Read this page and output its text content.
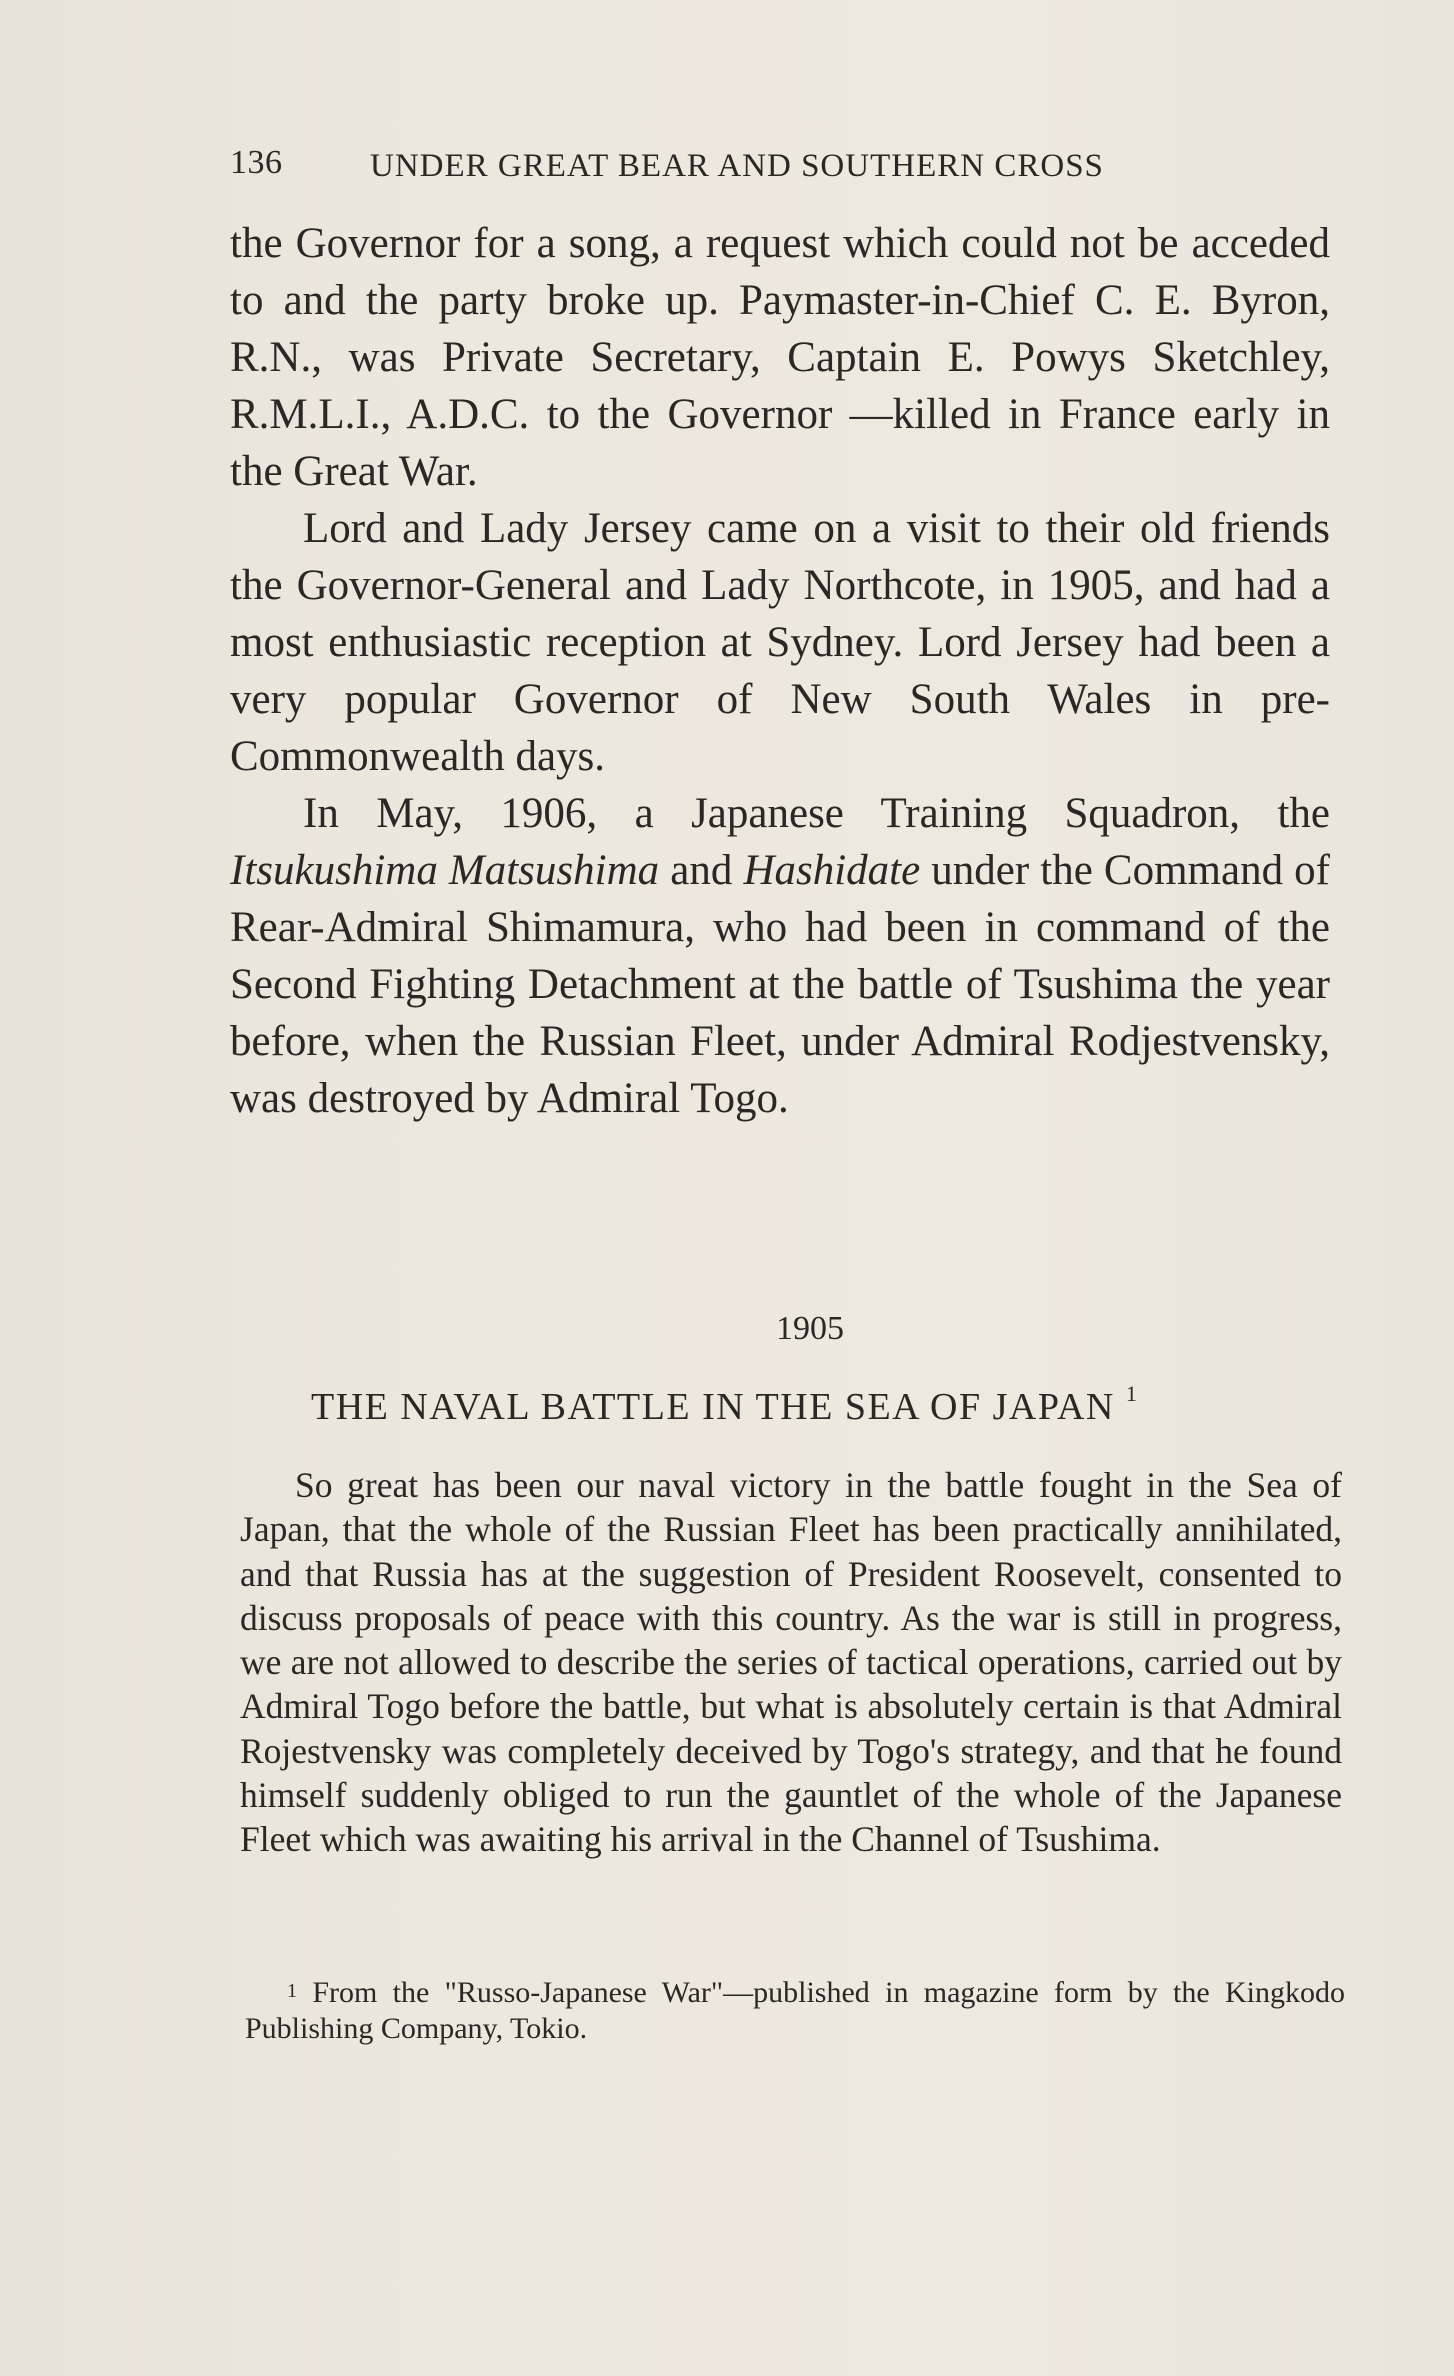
136	UNDER GREAT BEAR AND SOUTHERN CROSS

the Governor for a song, a request which could not be acceded to and the party broke up. Paymaster-in-Chief C. E. Byron, R.N., was Private Secretary, Captain E. Powys Sketchley, R.M.L.I., A.D.C. to the Governor —killed in France early in the Great War.

Lord and Lady Jersey came on a visit to their old friends the Governor-General and Lady Northcote, in 1905, and had a most enthusiastic reception at Sydney. Lord Jersey had been a very popular Governor of New South Wales in pre-Commonwealth days.

In May, 1906, a Japanese Training Squadron, the Itsukushima Matsushima and Hashidate under the Command of Rear-Admiral Shimamura, who had been in command of the Second Fighting Detachment at the battle of Tsushima the year before, when the Russian Fleet, under Admiral Rodjestvensky, was destroyed by Admiral Togo.

1905
THE NAVAL BATTLE IN THE SEA OF JAPAN $^1$

So great has been our naval victory in the battle fought in the Sea of Japan, that the whole of the Russian Fleet has been practically annihilated, and that Russia has at the suggestion of President Roosevelt, consented to discuss proposals of peace with this country. As the war is still in progress, we are not allowed to describe the series of tactical operations, carried out by Admiral Togo before the battle, but what is absolutely certain is that Admiral Rojestvensky was completely deceived by Togo's strategy, and that he found himself suddenly obliged to run the gauntlet of the whole of the Japanese Fleet which was awaiting his arrival in the Channel of Tsushima.

$^1$ From the "Russo-Japanese War"—published in magazine form by the Kingkodo Publishing Company, Tokio.
